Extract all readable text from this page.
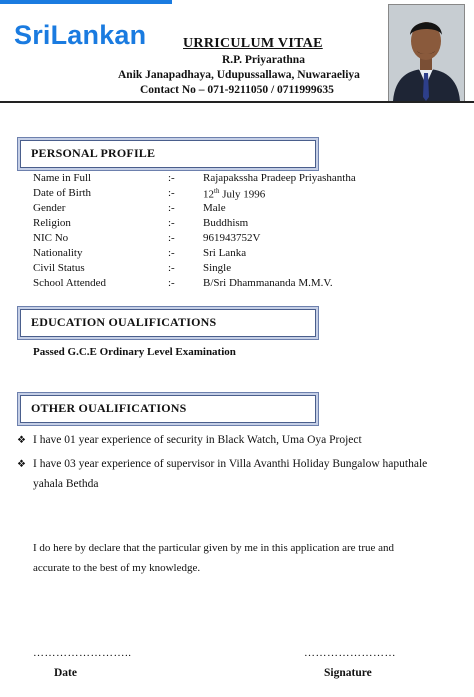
SriLankan	URRICULUM VITAE
R.P. Priyarathna
Anik Janapadhaya, Udupussallawa, Nuwaraeliya
Contact No – 071-9211050 / 0711999635
PERSONAL PROFILE
Name in Full	:-	Rajapakssha Pradeep Priyashantha
Date of Birth	:-	12th July 1996
Gender	:-	Male
Religion	:-	Buddhism
NIC No	:-	961943752V
Nationality	:-	Sri Lanka
Civil Status	:-	Single
School Attended	:-	B/Sri Dhammananda M.M.V.
EDUCATION OUALIFICATIONS
Passed G.C.E Ordinary Level Examination
OTHER OUALIFICATIONS
❖ I have 01 year experience of security in Black Watch, Uma Oya Project
❖ I have 03 year experience of supervisor in Villa Avanthi Holiday Bungalow haputhale
yahala Bethda
I do here by declare that the particular given by me in this application are true and
accurate to the best of my knowledge.
……………………..	……………………
Date	Signature
